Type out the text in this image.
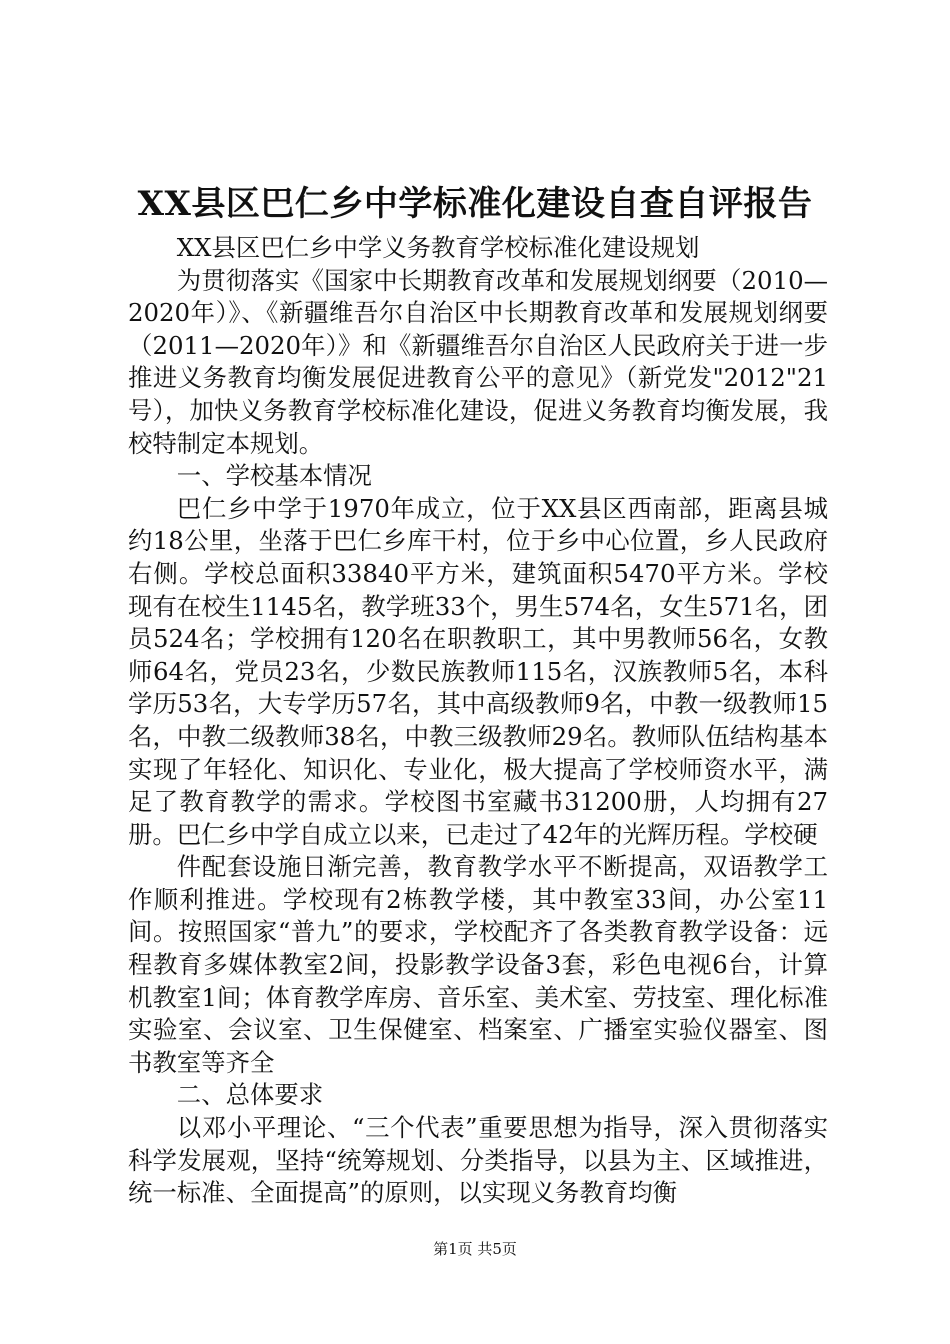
XX县区巴仁乡中学标准化建设自查自评报告

XX县区巴仁乡中学义务教育学校标准化建设规划

为贯彻落实《国家中长期教育改革和发展规划纲要（2010—2020年）》、《新疆维吾尔自治区中长期教育改革和发展规划纲要（2011—2020年）》和《新疆维吾尔自治区人民政府关于进一步推进义务教育均衡发展促进教育公平的意见》（新党发"2012"21号），加快义务教育学校标准化建设，促进义务教育均衡发展，我校特制定本规划。

一、学校基本情况

巴仁乡中学于1970年成立，位于XX县区西南部，距离县城约18公里，坐落于巴仁乡库干村，位于乡中心位置，乡人民政府右侧。学校总面积33840平方米，建筑面积5470平方米。学校现有在校生1145名，教学班33个，男生574名，女生571名，团员524名；学校拥有120名在职教职工，其中男教师56名，女教师64名，党员23名，少数民族教师115名，汉族教师5名，本科学历53名，大专学历57名，其中高级教师9名，中教一级教师15名，中教二级教师38名，中教三级教师29名。教师队伍结构基本实现了年轻化、知识化、专业化，极大提高了学校师资水平，满足了教育教学的需求。学校图书室藏书31200册，人均拥有27册。巴仁乡中学自成立以来，已走过了42年的光辉历程。学校硬

件配套设施日渐完善，教育教学水平不断提高，双语教学工作顺利推进。学校现有2栋教学楼，其中教室33间，办公室11间。按照国家“普九”的要求，学校配齐了各类教育教学设备：远程教育多媒体教室2间，投影教学设备3套，彩色电视6台，计算机教室1间；体育教学库房、音乐室、美术室、劳技室、理化标准实验室、会议室、卫生保健室、档案室、广播室实验仪器室、图书教室等齐全

二、总体要求

以邓小平理论、“三个代表”重要思想为指导，深入贯彻落实科学发展观，坚持“统筹规划、分类指导，以县为主、区域推进，统一标准、全面提高”的原则，以实现义务教育均衡

第1页 共5页
